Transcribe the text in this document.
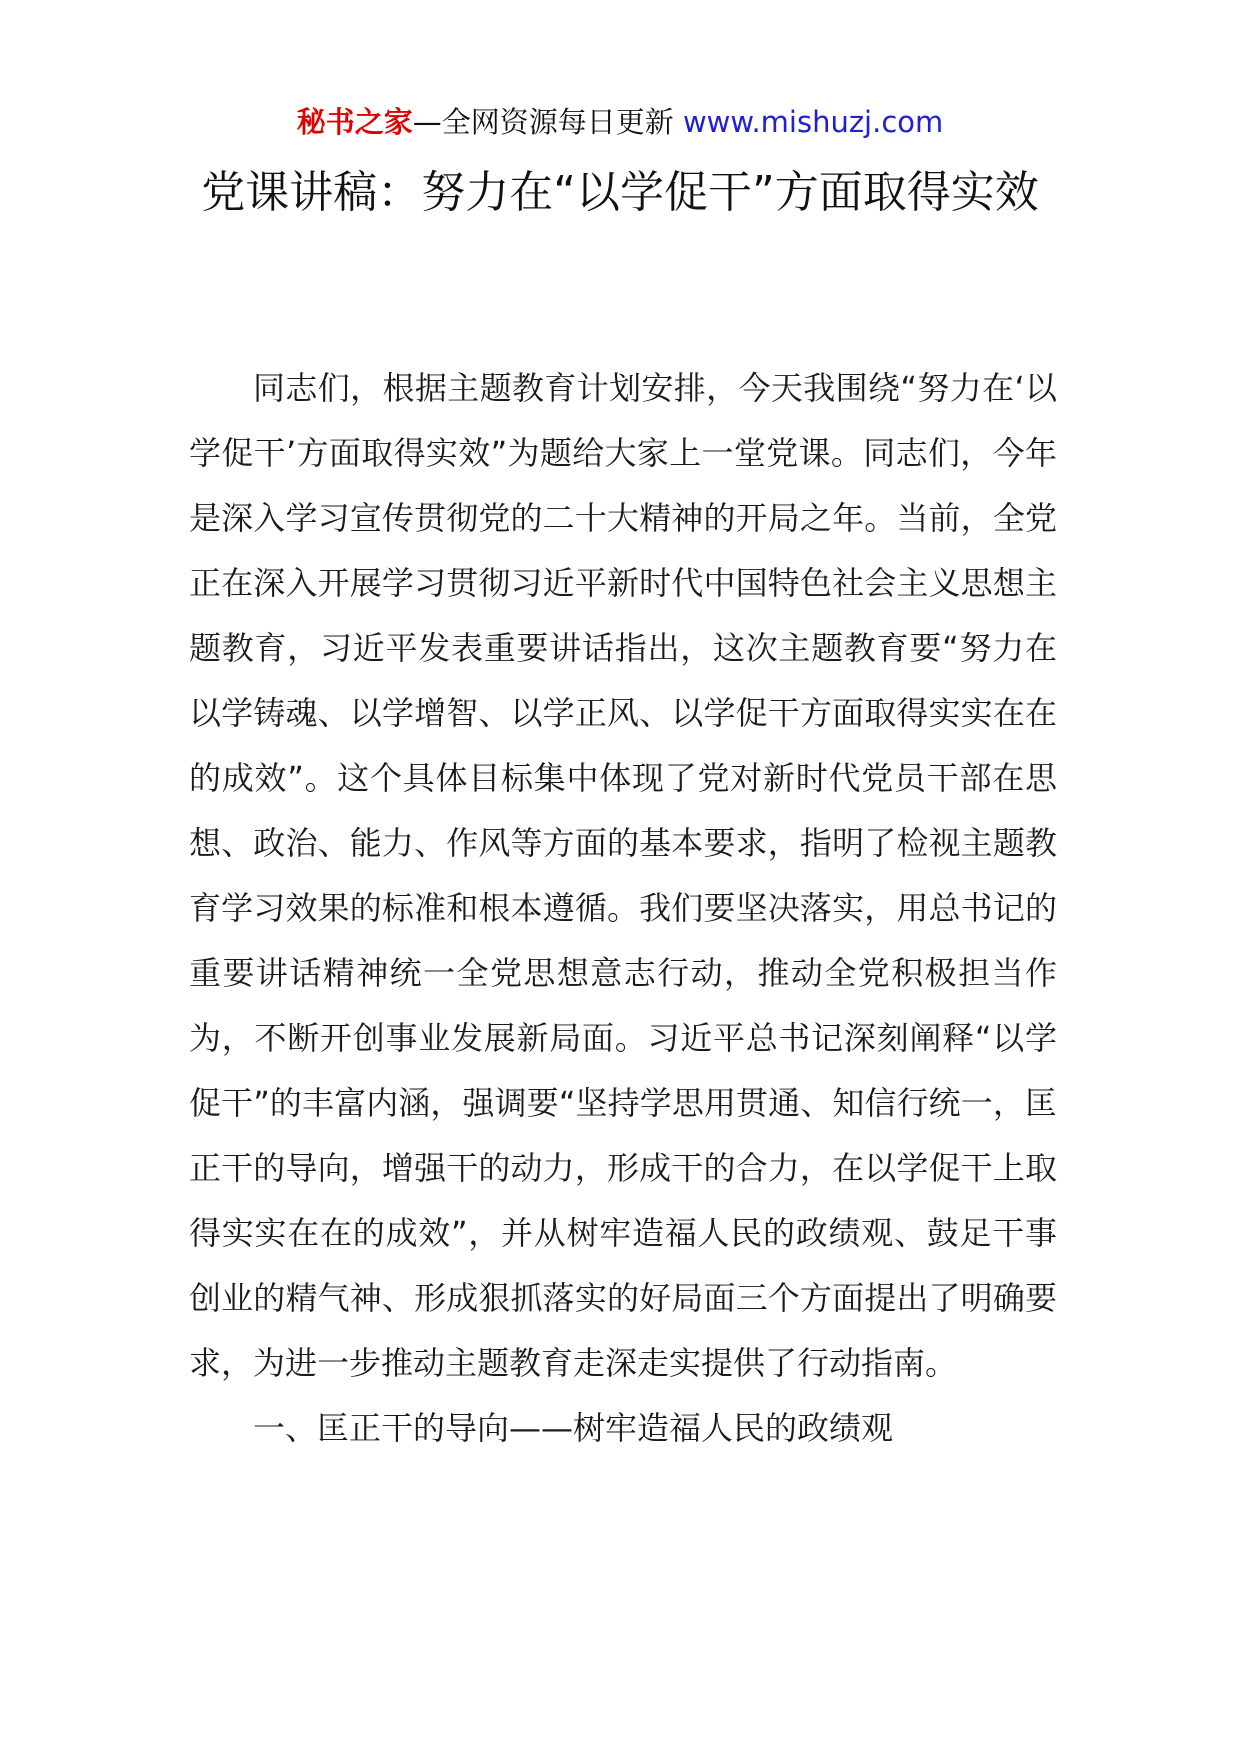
秘书之家—全网资源每日更新 www.mishuzj.com
党课讲稿：努力在“以学促干”方面取得实效

同志们，根据主题教育计划安排，今天我围绕“努力在‘以学促干’方面取得实效”为题给大家上一堂党课。同志们，今年是深入学习宣传贯彻党的二十大精神的开局之年。当前，全党正在深入开展学习贯彻习近平新时代中国特色社会主义思想主题教育，习近平发表重要讲话指出，这次主题教育要“努力在以学铸魂、以学增智、以学正风、以学促干方面取得实实在在的成效”。这个具体目标集中体现了党对新时代党员干部在思想、政治、能力、作风等方面的基本要求，指明了检视主题教育学习效果的标准和根本遵循。我们要坚决落实，用总书记的重要讲话精神统一全党思想意志行动，推动全党积极担当作为，不断开创事业发展新局面。习近平总书记深刻阐释“以学促干”的丰富内涵，强调要“坚持学思用贯通、知信行统一，匡正干的导向，增强干的动力，形成干的合力，在以学促干上取得实实在在的成效”，并从树牢造福人民的政绩观、鼓足干事创业的精气神、形成狠抓落实的好局面三个方面提出了明确要求，为进一步推动主题教育走深走实提供了行动指南。

一、匡正干的导向——树牢造福人民的政绩观
